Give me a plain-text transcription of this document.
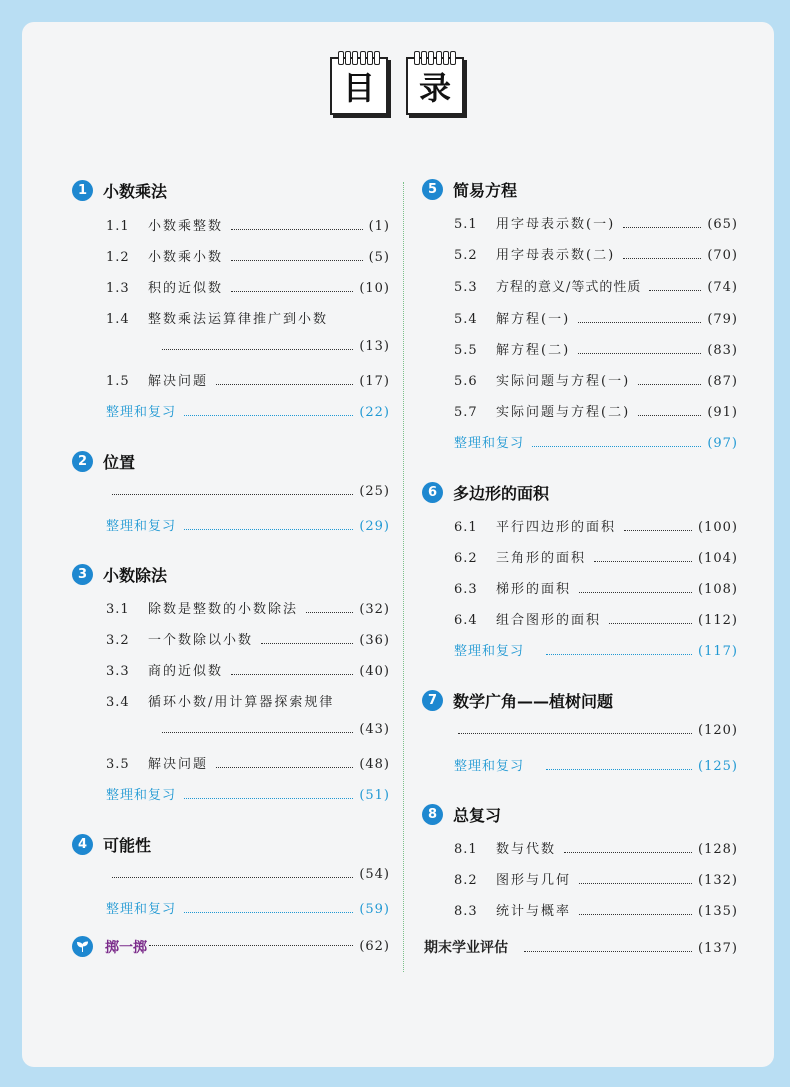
目 录
1 小数乘法
1.1	小数乘整数	(1)
1.2	小数乘小数	(5)
1.3	积的近似数	(10)
1.4	整数乘法运算律推广到小数
(13)
1.5	解决问题	(17)
整理和复习	(22)
2 位置
(25)
整理和复习	(29)
3 小数除法
3.1	除数是整数的小数除法	(32)
3.2	一个数除以小数	(36)
3.3	商的近似数	(40)
3.4	循环小数/用计算器探索规律
(43)
3.5	解决问题	(48)
整理和复习	(51)
4 可能性
(54)
整理和复习	(59)
掷一掷	(62)
5 简易方程
5.1	用字母表示数(一)	(65)
5.2	用字母表示数(二)	(70)
5.3	方程的意义/等式的性质	(74)
5.4	解方程(一)	(79)
5.5	解方程(二)	(83)
5.6	实际问题与方程(一)	(87)
5.7	实际问题与方程(二)	(91)
整理和复习	(97)
6 多边形的面积
6.1	平行四边形的面积	(100)
6.2	三角形的面积	(104)
6.3	梯形的面积	(108)
6.4	组合图形的面积	(112)
整理和复习	(117)
7 数学广角——植树问题
(120)
整理和复习	(125)
8 总复习
8.1	数与代数	(128)
8.2	图形与几何	(132)
8.3	统计与概率	(135)
期末学业评估	(137)
